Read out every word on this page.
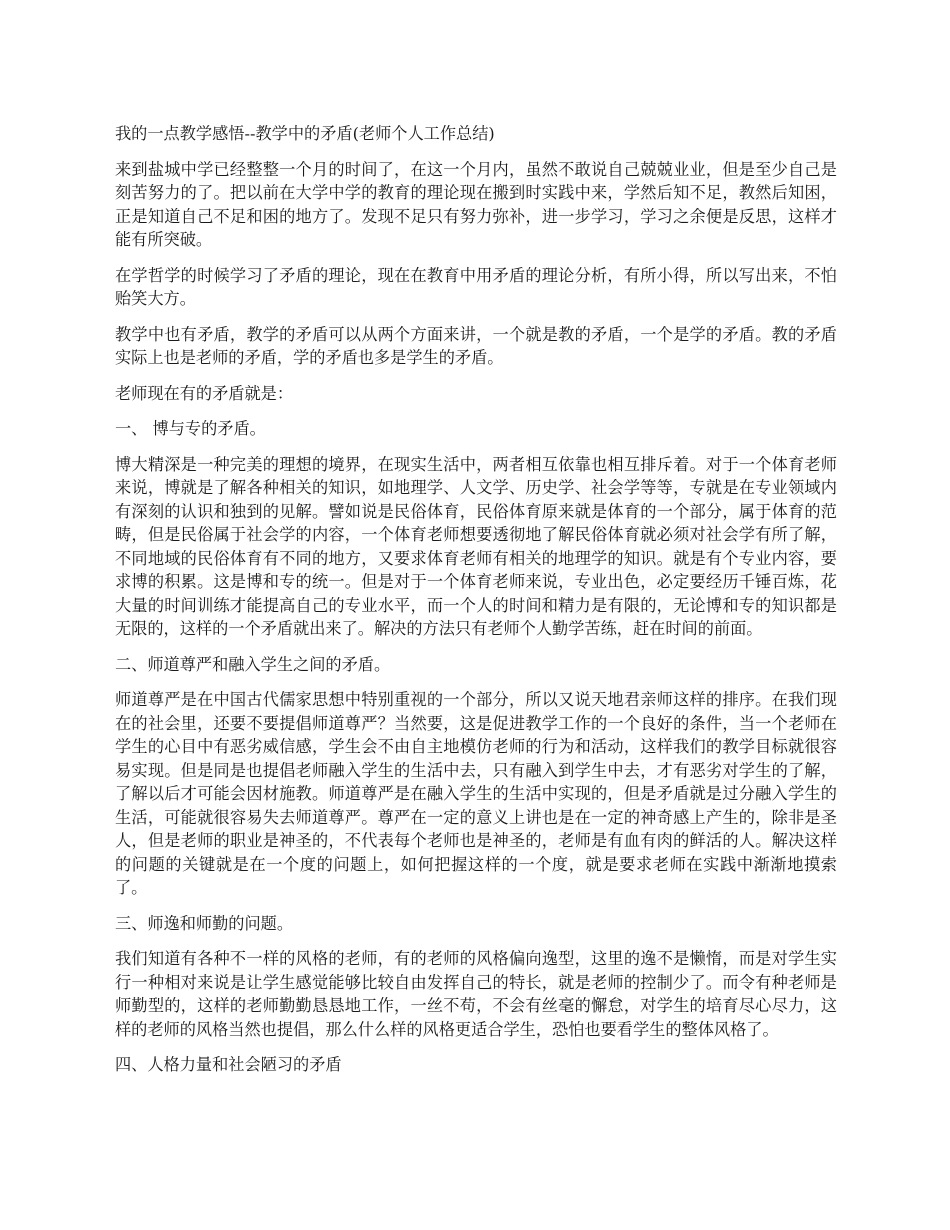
我的一点教学感悟--教学中的矛盾(老师个人工作总结)

来到盐城中学已经整整一个月的时间了，在这一个月内，虽然不敢说自己兢兢业业，但是至少自己是刻苦努力的了。把以前在大学中学的教育的理论现在搬到时实践中来，学然后知不足，教然后知困，正是知道自己不足和困的地方了。发现不足只有努力弥补，进一步学习，学习之余便是反思，这样才能有所突破。

在学哲学的时候学习了矛盾的理论，现在在教育中用矛盾的理论分析，有所小得，所以写出来，不怕贻笑大方。

教学中也有矛盾，教学的矛盾可以从两个方面来讲，一个就是教的矛盾，一个是学的矛盾。教的矛盾实际上也是老师的矛盾，学的矛盾也多是学生的矛盾。

老师现在有的矛盾就是：

一、 博与专的矛盾。

博大精深是一种完美的理想的境界，在现实生活中，两者相互依靠也相互排斥着。对于一个体育老师来说，博就是了解各种相关的知识，如地理学、人文学、历史学、社会学等等，专就是在专业领域内有深刻的认识和独到的见解。譬如说是民俗体育，民俗体育原来就是体育的一个部分，属于体育的范畴，但是民俗属于社会学的内容，一个体育老师想要透彻地了解民俗体育就必须对社会学有所了解，不同地域的民俗体育有不同的地方，又要求体育老师有相关的地理学的知识。就是有个专业内容，要求博的积累。这是博和专的统一。但是对于一个体育老师来说，专业出色，必定要经历千锤百炼，花大量的时间训练才能提高自己的专业水平，而一个人的时间和精力是有限的，无论博和专的知识都是无限的，这样的一个矛盾就出来了。解决的方法只有老师个人勤学苦练，赶在时间的前面。

二、师道尊严和融入学生之间的矛盾。

师道尊严是在中国古代儒家思想中特别重视的一个部分，所以又说天地君亲师这样的排序。在我们现在的社会里，还要不要提倡师道尊严？当然要，这是促进教学工作的一个良好的条件，当一个老师在学生的心目中有恶劣威信感，学生会不由自主地模仿老师的行为和活动，这样我们的教学目标就很容易实现。但是同是也提倡老师融入学生的生活中去，只有融入到学生中去，才有恶劣对学生的了解，了解以后才可能会因材施教。师道尊严是在融入学生的生活中实现的，但是矛盾就是过分融入学生的生活，可能就很容易失去师道尊严。尊严在一定的意义上讲也是在一定的神奇感上产生的，除非是圣人，但是老师的职业是神圣的，不代表每个老师也是神圣的，老师是有血有肉的鲜活的人。解决这样的问题的关键就是在一个度的问题上，如何把握这样的一个度，就是要求老师在实践中渐渐地摸索了。

三、师逸和师勤的问题。

我们知道有各种不一样的风格的老师，有的老师的风格偏向逸型，这里的逸不是懒惰，而是对学生实行一种相对来说是让学生感觉能够比较自由发挥自己的特长，就是老师的控制少了。而令有种老师是师勤型的，这样的老师勤勤恳恳地工作，一丝不苟，不会有丝毫的懈怠，对学生的培育尽心尽力，这样的老师的风格当然也提倡，那么什么样的风格更适合学生，恐怕也要看学生的整体风格了。

四、人格力量和社会陋习的矛盾
